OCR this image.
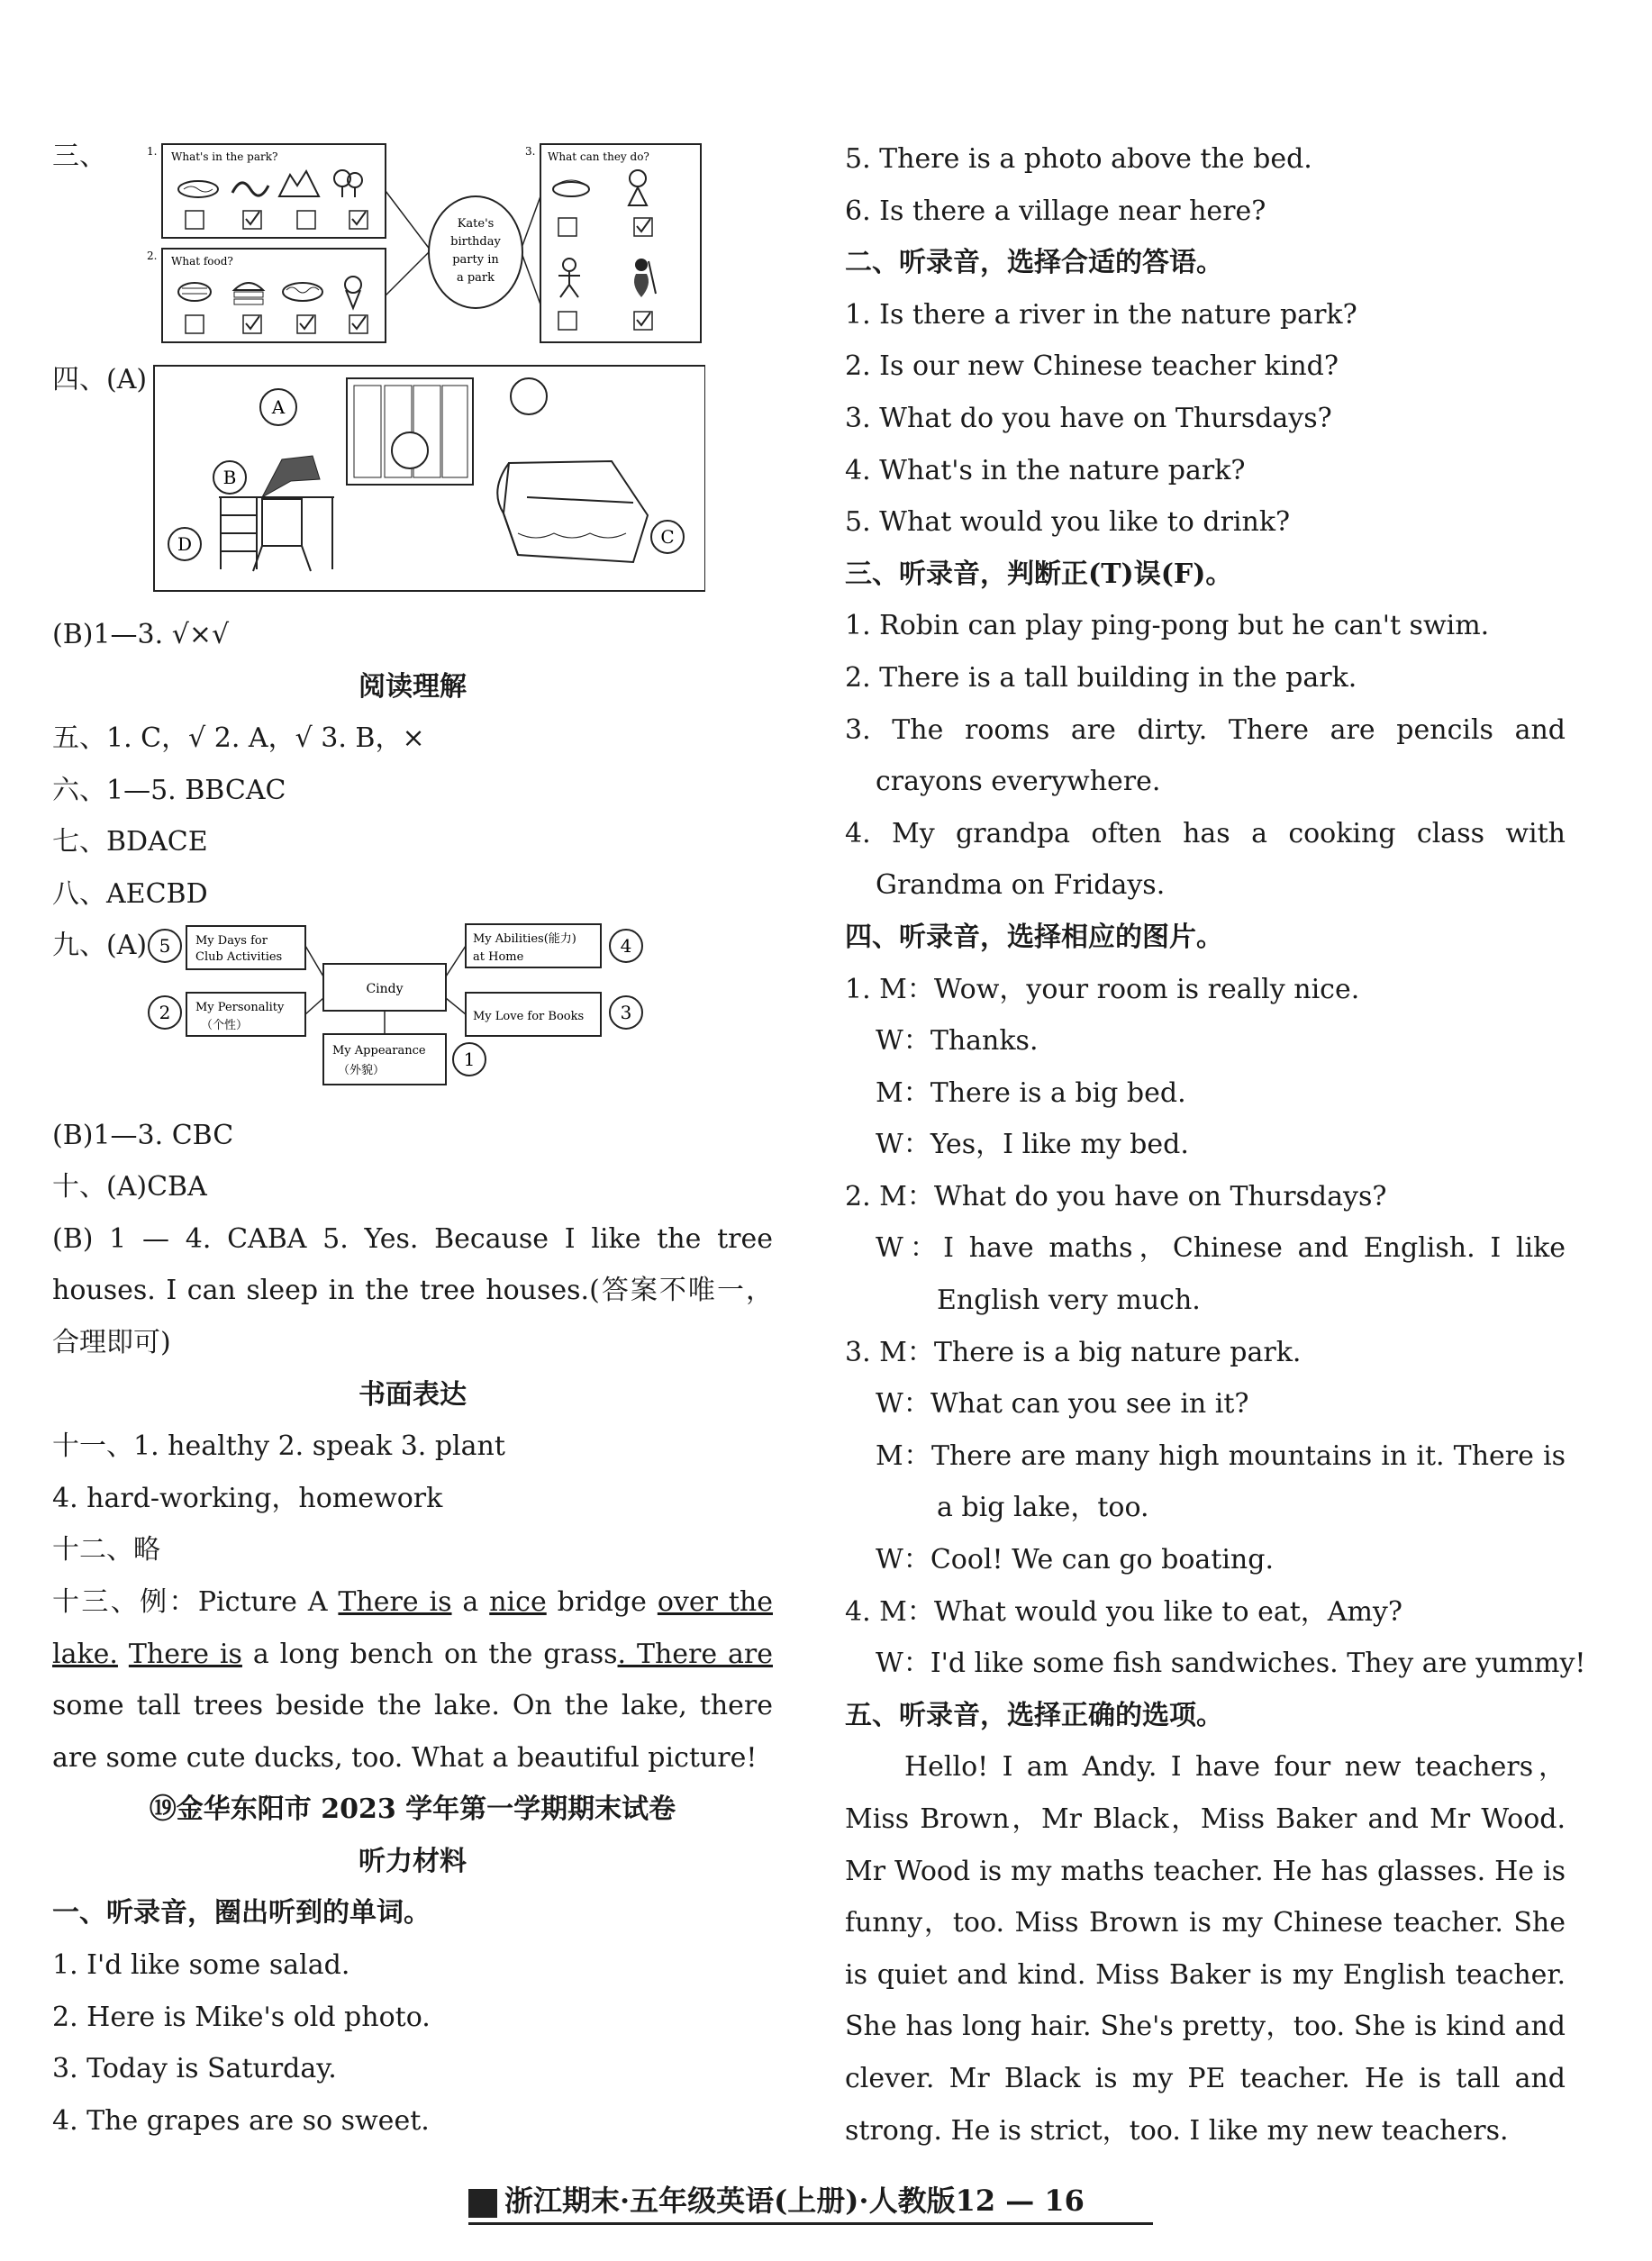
三、	1. What's in the park?
2. What food?
Kate's
birthday
party in
a park
3. What can they do?
四、(A)
A
B
D	C
(B)1—3. √×√
阅读理解
五、1. C，√ 2. A，√ 3. B，×
六、1—5. BBCAC
七、BDACE
八、AECBD
九、(A) 5 My Days for
Club Activities
2 My Personality
（个性）
Cindy
My Abilities(能力)
at Home
4
My Love for Books 3
My Appearance
（外貌）
1
(B)1—3. CBC
十、(A)CBA
(B) 1 — 4. CABA 5. Yes. Because I like the tree houses. I can sleep in the tree houses.(答案不唯一，合理即可)
书面表达
十一、1. healthy 2. speak 3. plant
4. hard-working，homework
十二、略
十三、例：Picture A There is a nice bridge over the lake. There is a long bench on the grass. There are some tall trees beside the lake. On the lake, there are some cute ducks, too. What a beautiful picture!
⑲金华东阳市 2023 学年第一学期期末试卷
听力材料
一、听录音，圈出听到的单词。
1. I'd like some salad.
2. Here is Mike's old photo.
3. Today is Saturday.
4. The grapes are so sweet.
5. There is a photo above the bed.
6. Is there a village near here?
二、听录音，选择合适的答语。
1. Is there a river in the nature park?
2. Is our new Chinese teacher kind?
3. What do you have on Thursdays?
4. What's in the nature park?
5. What would you like to drink?
三、听录音，判断正(T)误(F)。
1. Robin can play ping-pong but he can't swim.
2. There is a tall building in the park.
3. The rooms are dirty. There are pencils and crayons everywhere.
4. My grandpa often has a cooking class with Grandma on Fridays.
四、听录音，选择相应的图片。
1. M：Wow，your room is really nice.
W：Thanks.
M：There is a big bed.
W：Yes，I like my bed.
2. M：What do you have on Thursdays?
W：I have maths，Chinese and English. I like English very much.
3. M：There is a big nature park.
W：What can you see in it?
M：There are many high mountains in it. There is a big lake，too.
W：Cool! We can go boating.
4. M：What would you like to eat，Amy?
W：I'd like some fish sandwiches. They are yummy!
五、听录音，选择正确的选项。
Hello! I am Andy. I have four new teachers，Miss Brown，Mr Black，Miss Baker and Mr Wood. Mr Wood is my maths teacher. He has glasses. He is funny，too. Miss Brown is my Chinese teacher. She is quiet and kind. Miss Baker is my English teacher. She has long hair. She's pretty，too. She is kind and clever. Mr Black is my PE teacher. He is tall and strong. He is strict，too. I like my new teachers.
浙江期末·五年级英语(上册)·人教版12 — 16
